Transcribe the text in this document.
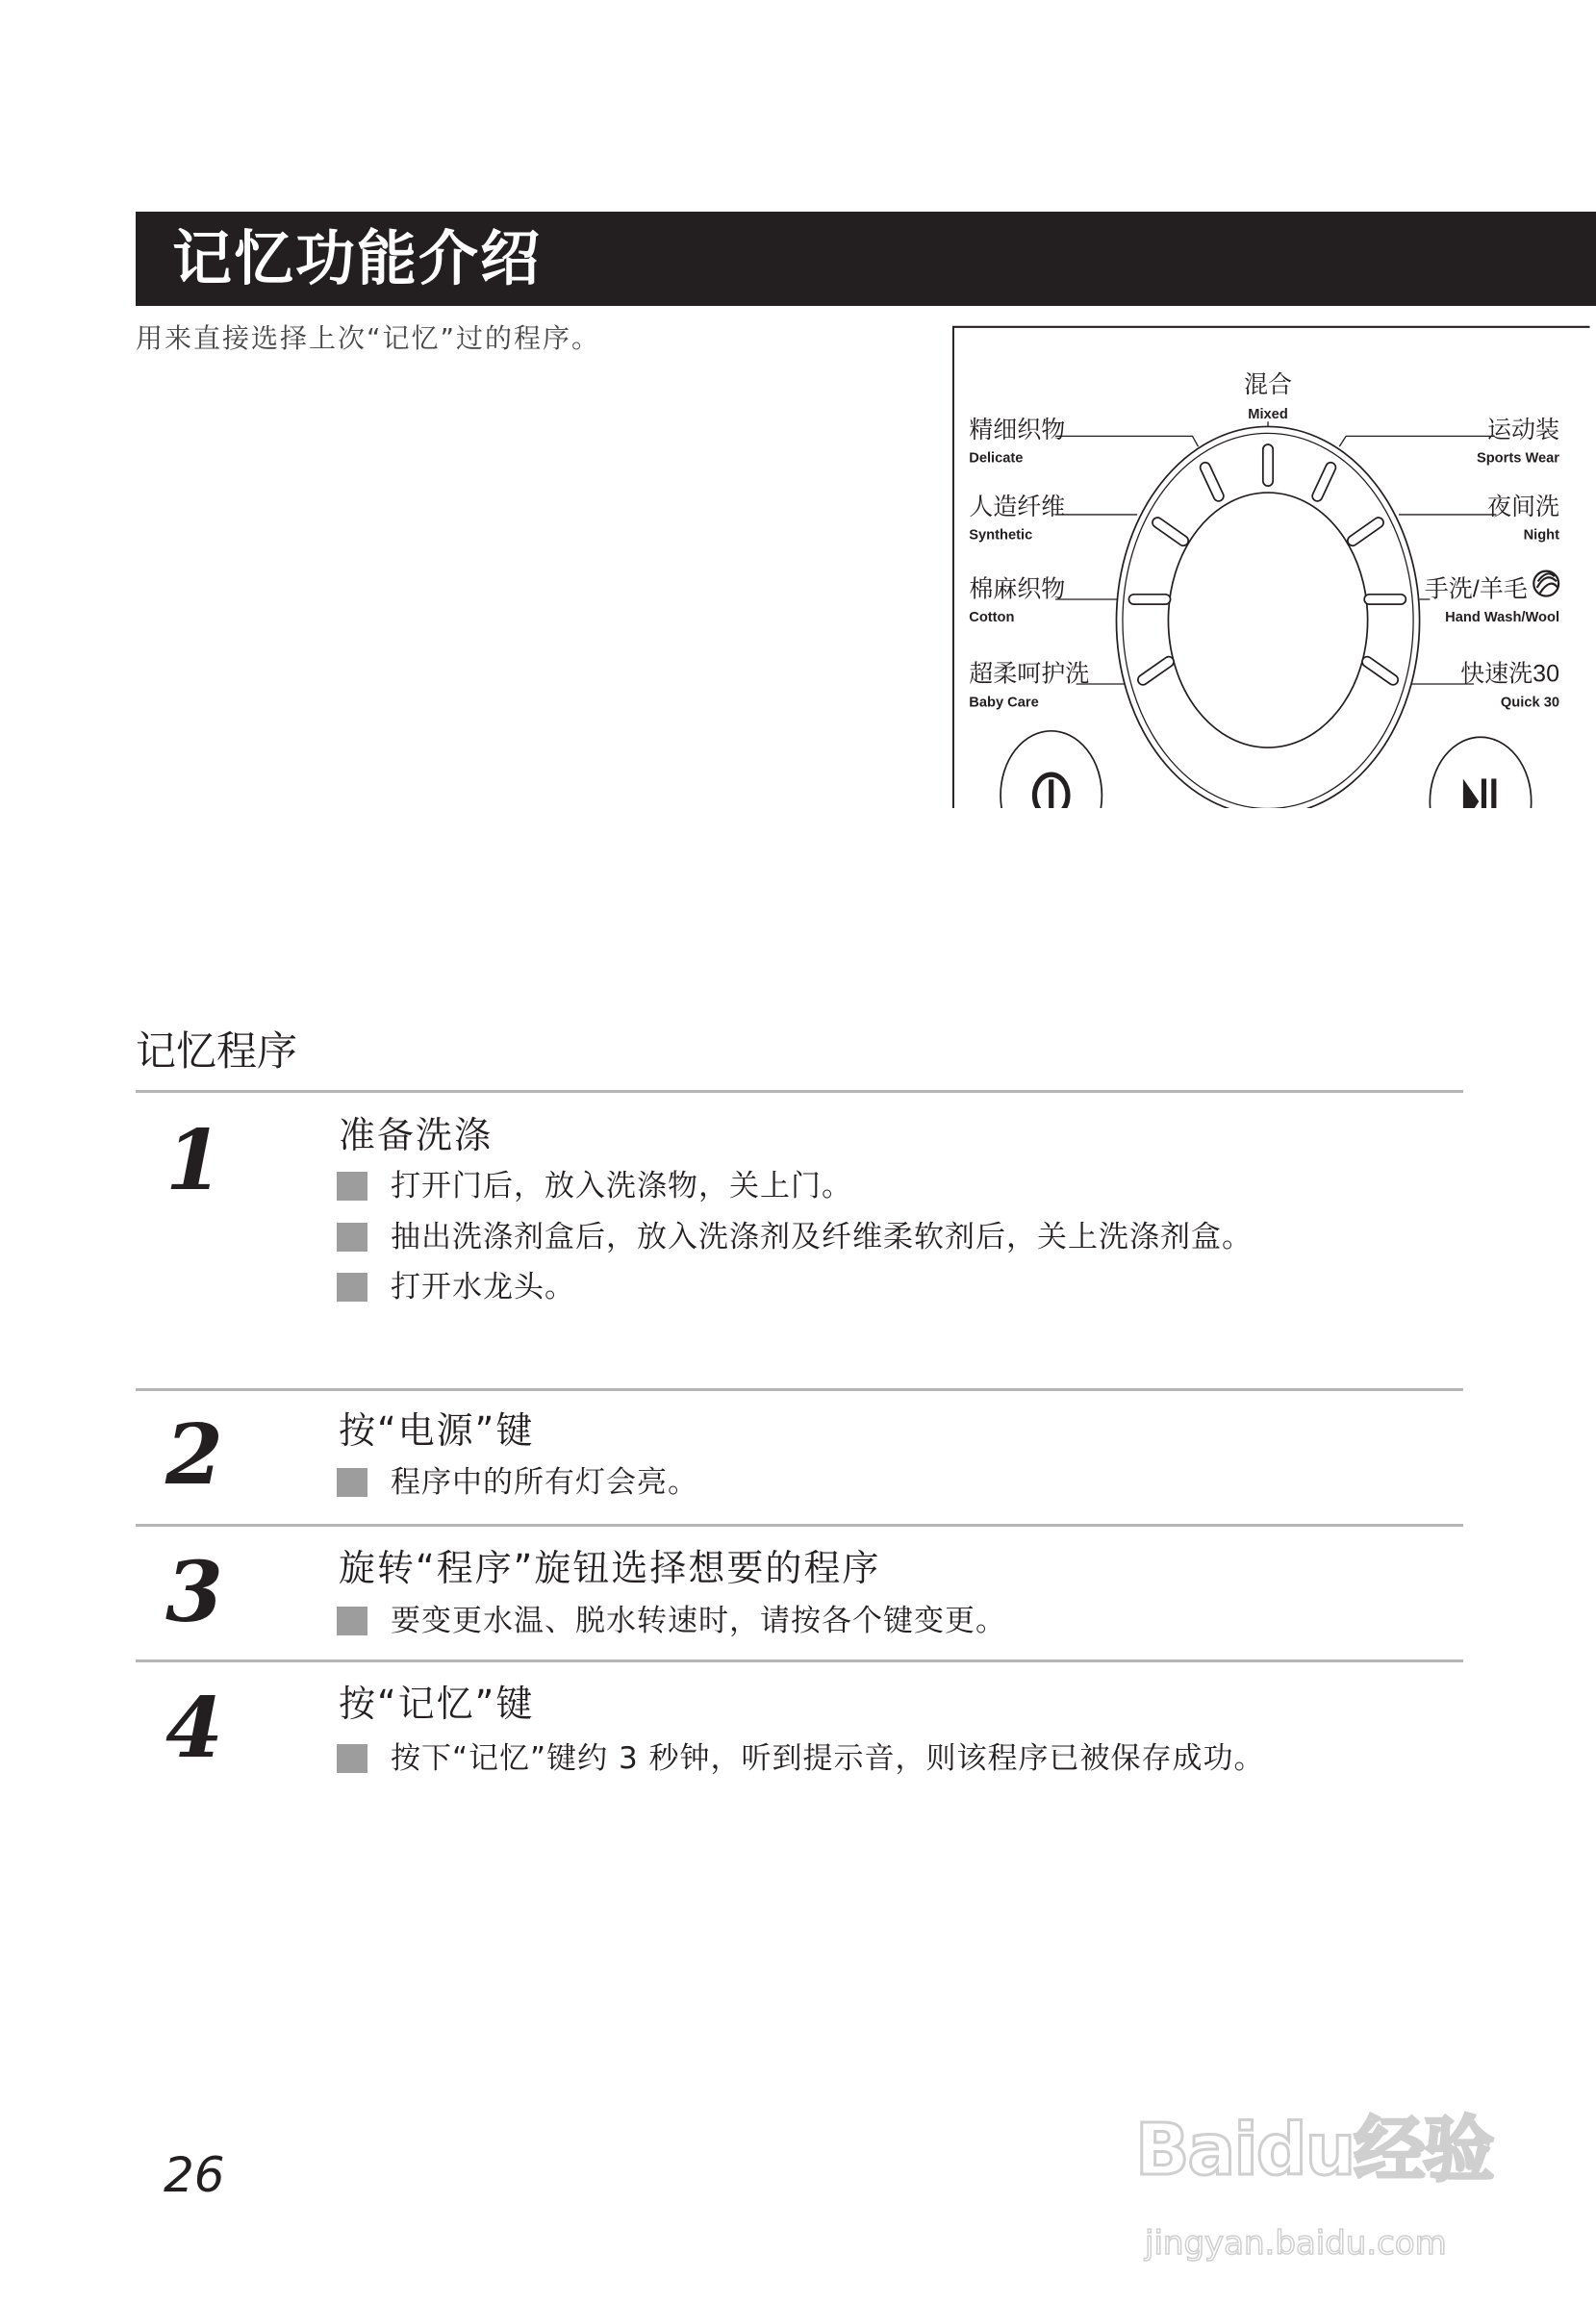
记忆功能介绍
用来直接选择上次“记忆”过的程序。
混合
Mixed
精细织物
Delicate
人造纤维
Synthetic
棉麻织物
Cotton
超柔呵护洗
Baby Care
运动装
Sports Wear
夜间洗
Night
手洗/羊毛
Hand Wash/Wool
快速洗30
Quick 30
记忆程序
1	准备洗涤
打开门后，放入洗涤物，关上门。
抽出洗涤剂盒后，放入洗涤剂及纤维柔软剂后，关上洗涤剂盒。
打开水龙头。
2	按“电源”键
程序中的所有灯会亮。
3	旋转“程序”旋钮选择想要的程序
要变更水温、脱水转速时，请按各个键变更。
4	按“记忆”键
按下“记忆”键约 3 秒钟，听到提示音，则该程序已被保存成功。
26	Baidu经验
jingyan.baidu.com
